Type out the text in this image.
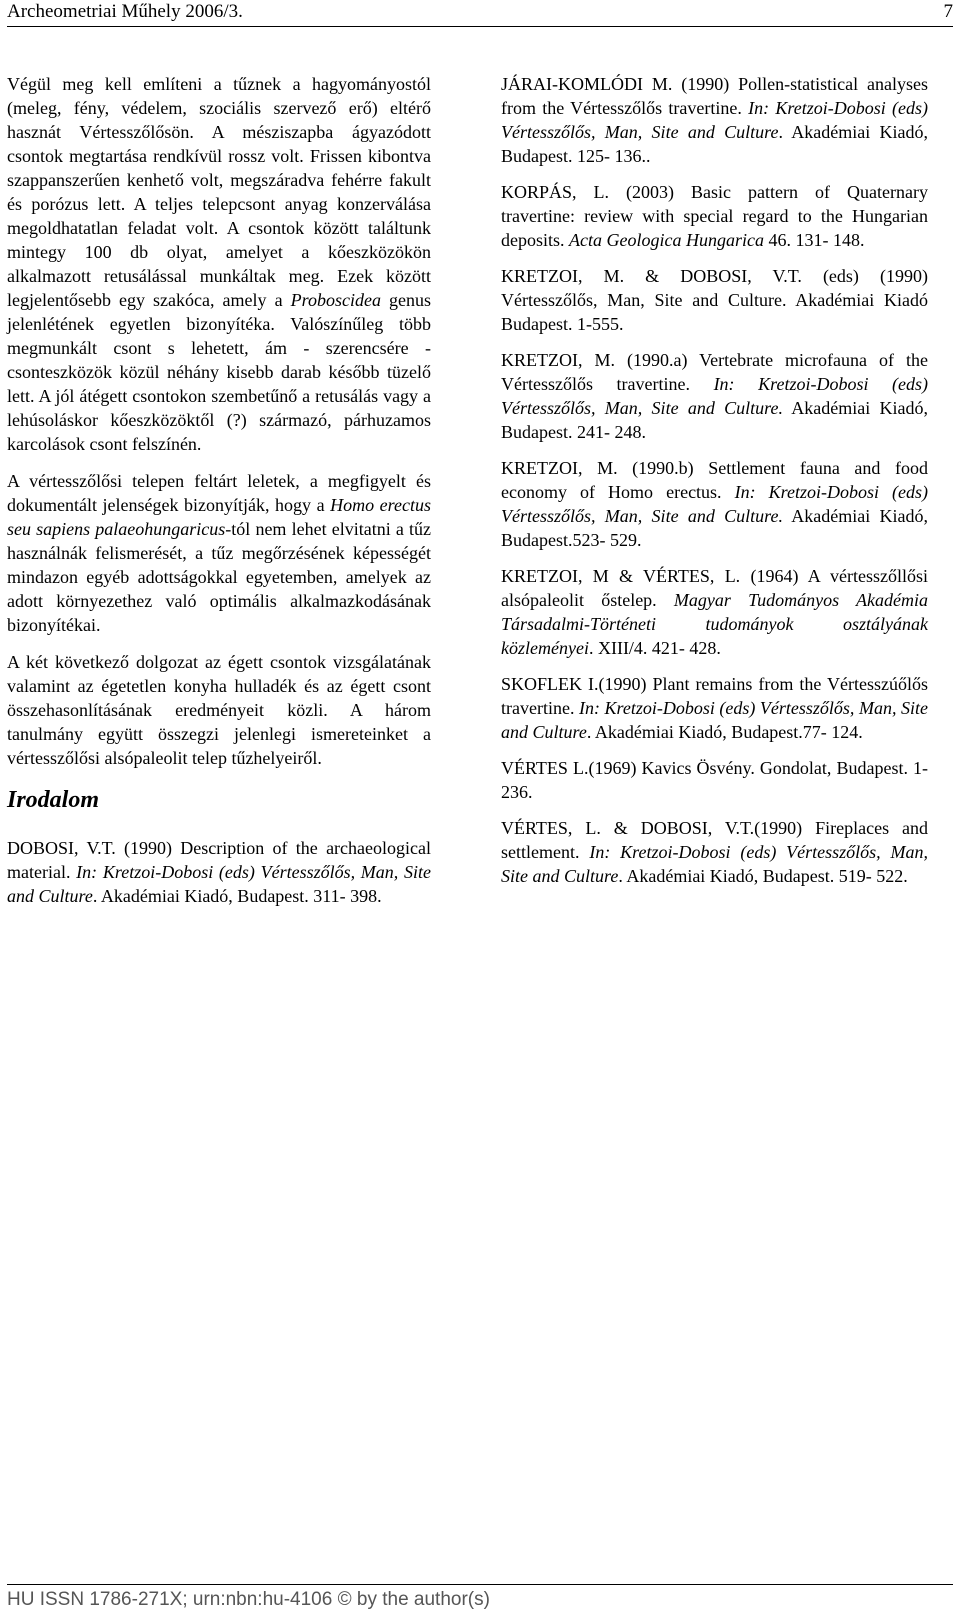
Archeometriai Műhely 2006/3.	7

Végül meg kell említeni a tűznek a hagyományostól (meleg, fény, védelem, szociális szervező erő) eltérő hasznát Vértesszőlősön. A mésziszapba ágyazódott csontok megtartása rendkívül rossz volt. Frissen kibontva szappanszerűen kenhető volt, megszáradva fehérre fakult és porózus lett. A teljes telepcsont anyag konzerválása megoldhatatlan feladat volt. A csontok között találtunk mintegy 100 db olyat, amelyet a kőeszközökön alkalmazott retusálással munkáltak meg. Ezek között legjelentősebb egy szakóca, amely a Proboscidea genus jelenlétének egyetlen bizonyítéka. Valószínűleg több megmunkált csont s lehetett, ám - szerencsére - csonteszközök közül néhány kisebb darab később tüzelő lett. A jól átégett csontokon szembetűnő a retusálás vagy a lehúsoláskor kőeszközöktől (?) származó, párhuzamos karcolások csont felszínén.

A vértesszőlősi telepen feltárt leletek, a megfigyelt és dokumentált jelenségek bizonyítják, hogy a Homo erectus seu sapiens palaeohungaricus-tól nem lehet elvitatni a tűz használnák felismerését, a tűz megőrzésének képességét mindazon egyéb adottságokkal egyetemben, amelyek az adott környezethez való optimális alkalmazkodásának bizonyítékai.

A két következő dolgozat az égett csontok vizsgálatának valamint az égetetlen konyha hulladék és az égett csont összehasonlításának eredményeit közli. A három tanulmány együtt összegzi jelenlegi ismereteinket a vértesszőlősi alsópaleolit telep tűzhelyeiről.

Irodalom

DOBOSI, V.T. (1990) Description of the archaeological material. In: Kretzoi-Dobosi (eds) Vértesszőlős, Man, Site and Culture. Akadémiai Kiadó, Budapest. 311- 398.

JÁRAI-KOMLÓDI M. (1990) Pollen-statistical analyses from the Vértesszőlős travertine. In: Kretzoi-Dobosi (eds) Vértesszőlős, Man, Site and Culture. Akadémiai Kiadó, Budapest. 125- 136..

KORPÁS, L. (2003) Basic pattern of Quaternary travertine: review with special regard to the Hungarian deposits. Acta Geologica Hungarica 46. 131- 148.

KRETZOI, M. & DOBOSI, V.T. (eds) (1990) Vértesszőlős, Man, Site and Culture. Akadémiai Kiadó Budapest. 1-555.

KRETZOI, M. (1990.a) Vertebrate microfauna of the Vértesszőlős travertine. In: Kretzoi-Dobosi (eds) Vértesszőlős, Man, Site and Culture. Akadémiai Kiadó, Budapest. 241- 248.

KRETZOI, M. (1990.b) Settlement fauna and food economy of Homo erectus. In: Kretzoi-Dobosi (eds) Vértesszőlős, Man, Site and Culture. Akadémiai Kiadó, Budapest.523- 529.

KRETZOI, M & VÉRTES, L. (1964) A vértesszőllősi alsópaleolit őstelep. Magyar Tudományos Akadémia Társadalmi-Történeti tudományok osztályának közleményei. XIII/4. 421- 428.

SKOFLEK I.(1990) Plant remains from the Vértesszúőlős travertine. In: Kretzoi-Dobosi (eds) Vértesszőlős, Man, Site and Culture. Akadémiai Kiadó, Budapest.77- 124.

VÉRTES L.(1969) Kavics Ösvény. Gondolat, Budapest. 1-236.

VÉRTES, L. & DOBOSI, V.T.(1990) Fireplaces and settlement. In: Kretzoi-Dobosi (eds) Vértesszőlős, Man, Site and Culture. Akadémiai Kiadó, Budapest. 519- 522.

HU ISSN 1786-271X; urn:nbn:hu-4106 © by the author(s)
